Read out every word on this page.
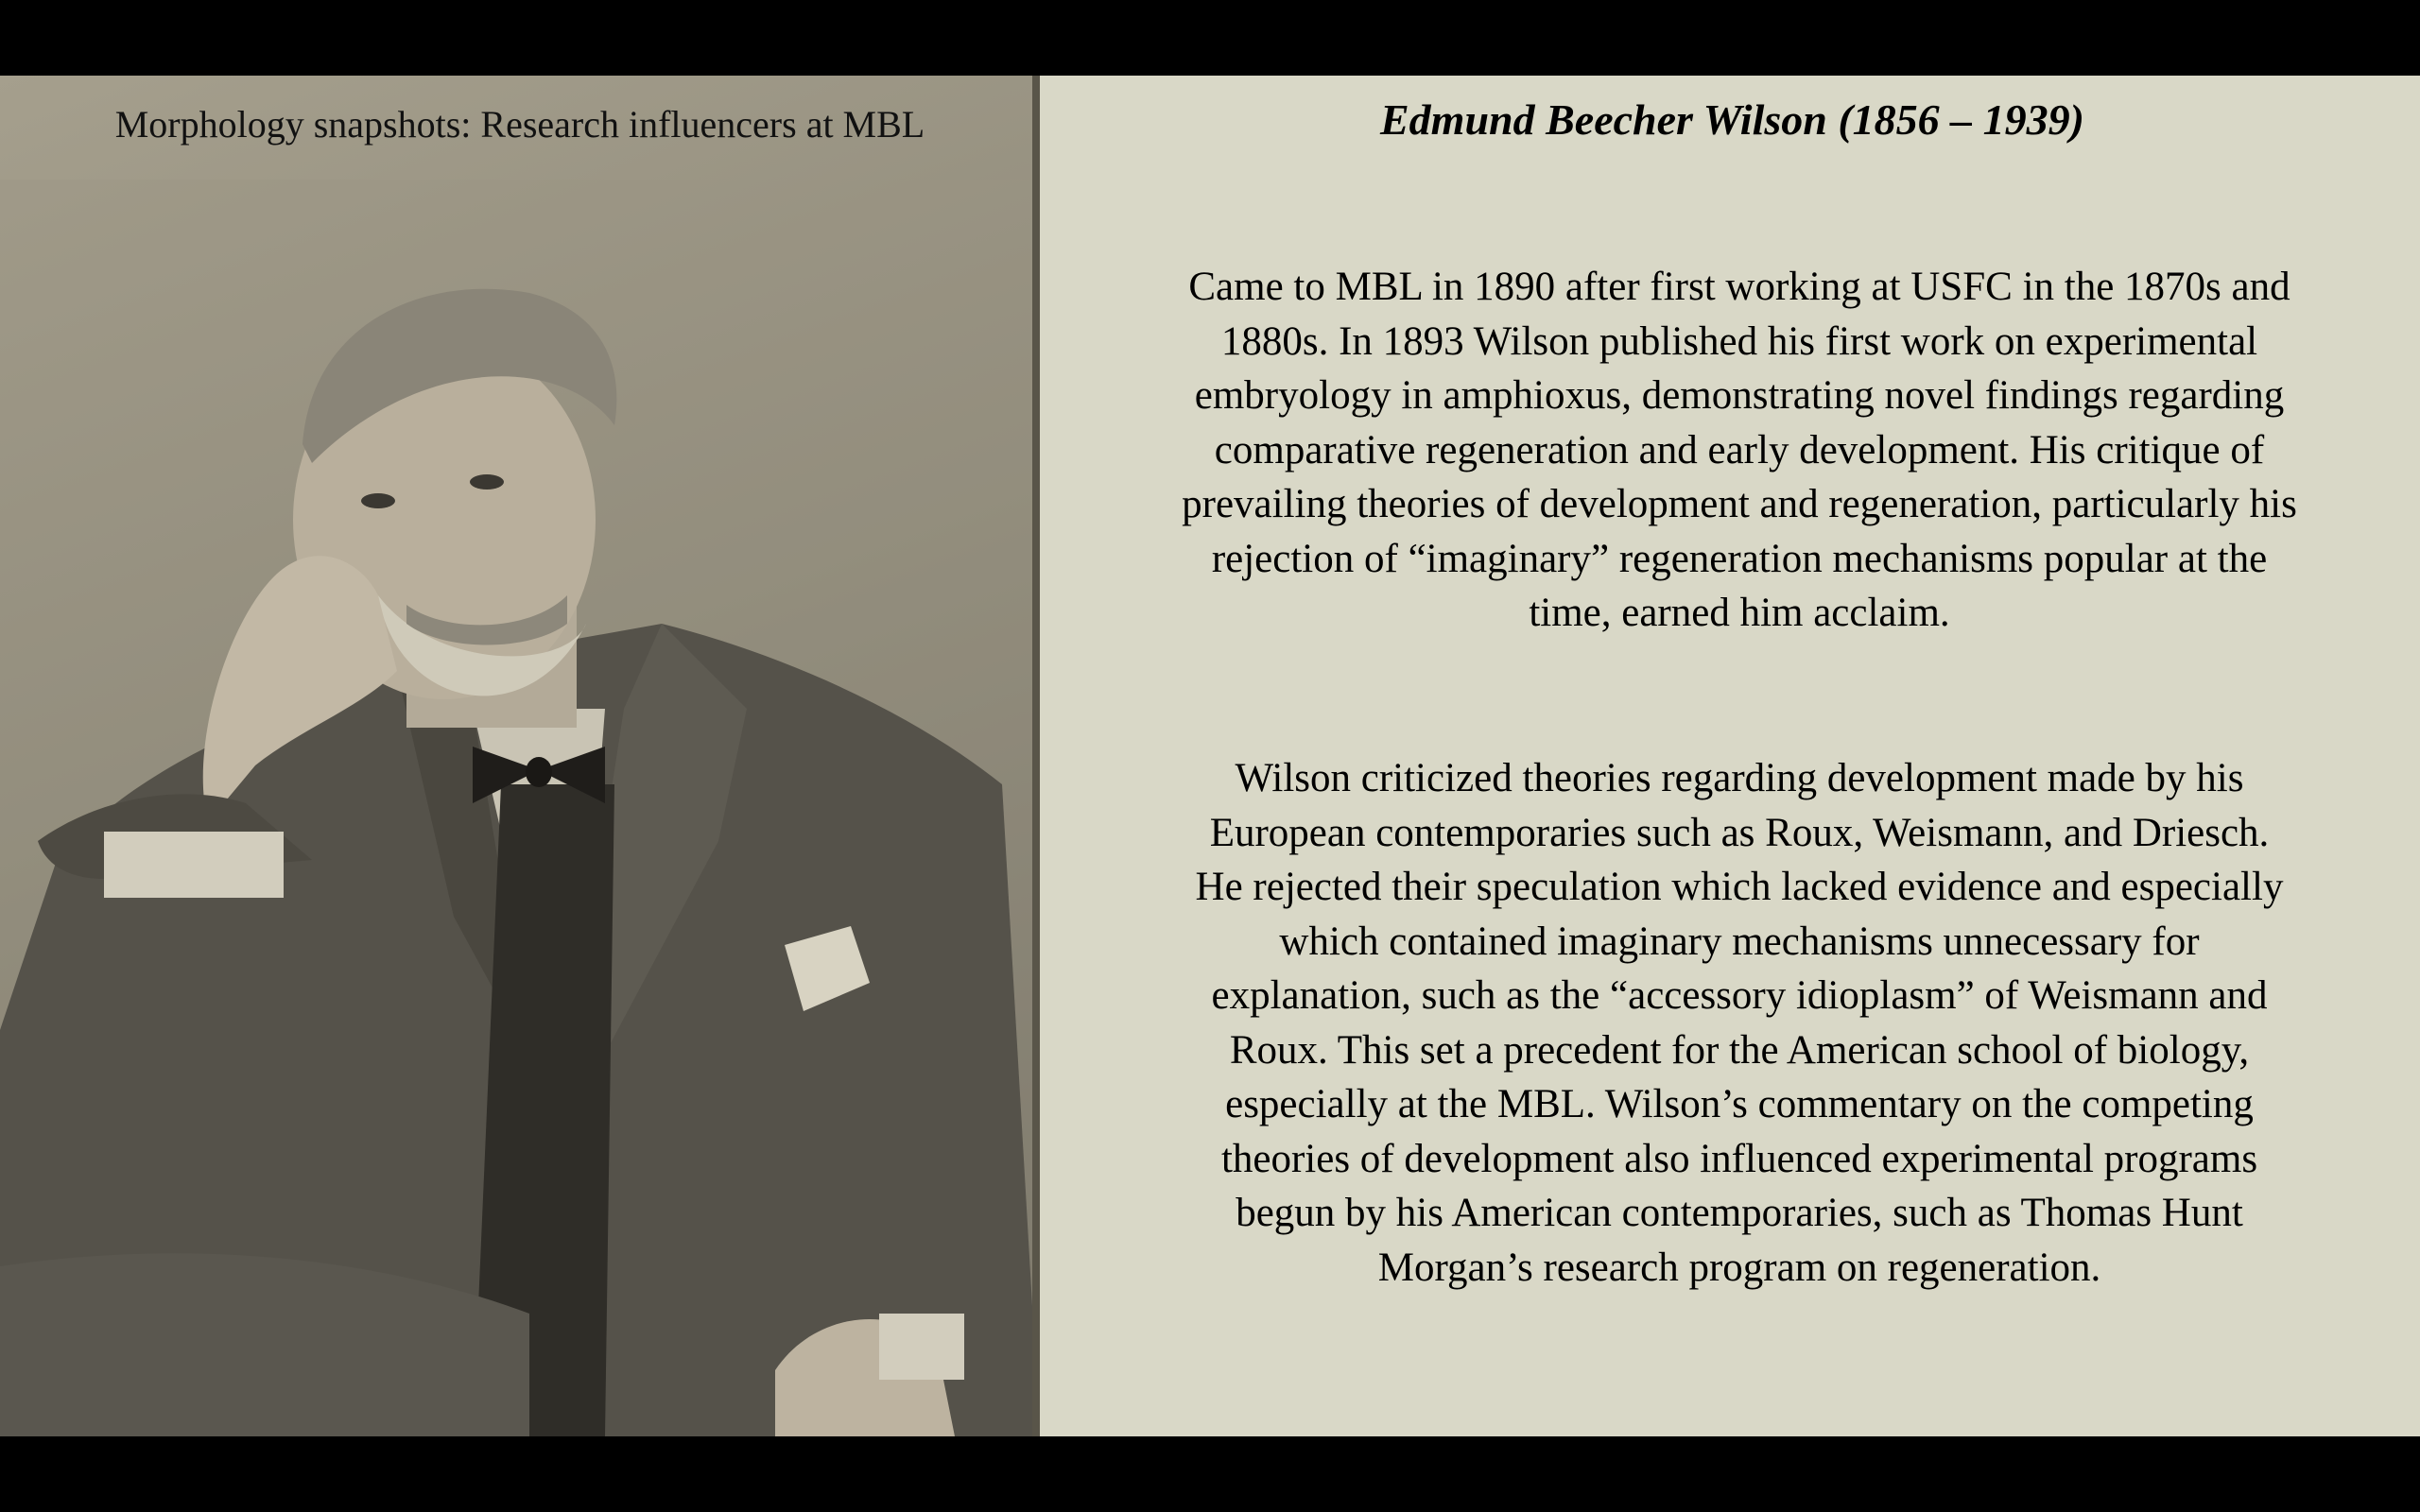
Morphology snapshots: Research influencers at MBL	Edmund Beecher Wilson (1856 – 1939)

Came to MBL in 1890 after first working at USFC in the 1870s and 1880s. In 1893 Wilson published his first work on experimental embryology in amphioxus, demonstrating novel findings regarding comparative regeneration and early development. His critique of prevailing theories of development and regeneration, particularly his rejection of “imaginary” regeneration mechanisms popular at the time, earned him acclaim.

Wilson criticized theories regarding development made by his European contemporaries such as Roux, Weismann, and Driesch. He rejected their speculation which lacked evidence and especially which contained imaginary mechanisms unnecessary for explanation, such as the “accessory idioplasm” of Weismann and Roux. This set a precedent for the American school of biology, especially at the MBL. Wilson’s commentary on the competing theories of development also influenced experimental programs begun by his American contemporaries, such as Thomas Hunt Morgan’s research program on regeneration.
